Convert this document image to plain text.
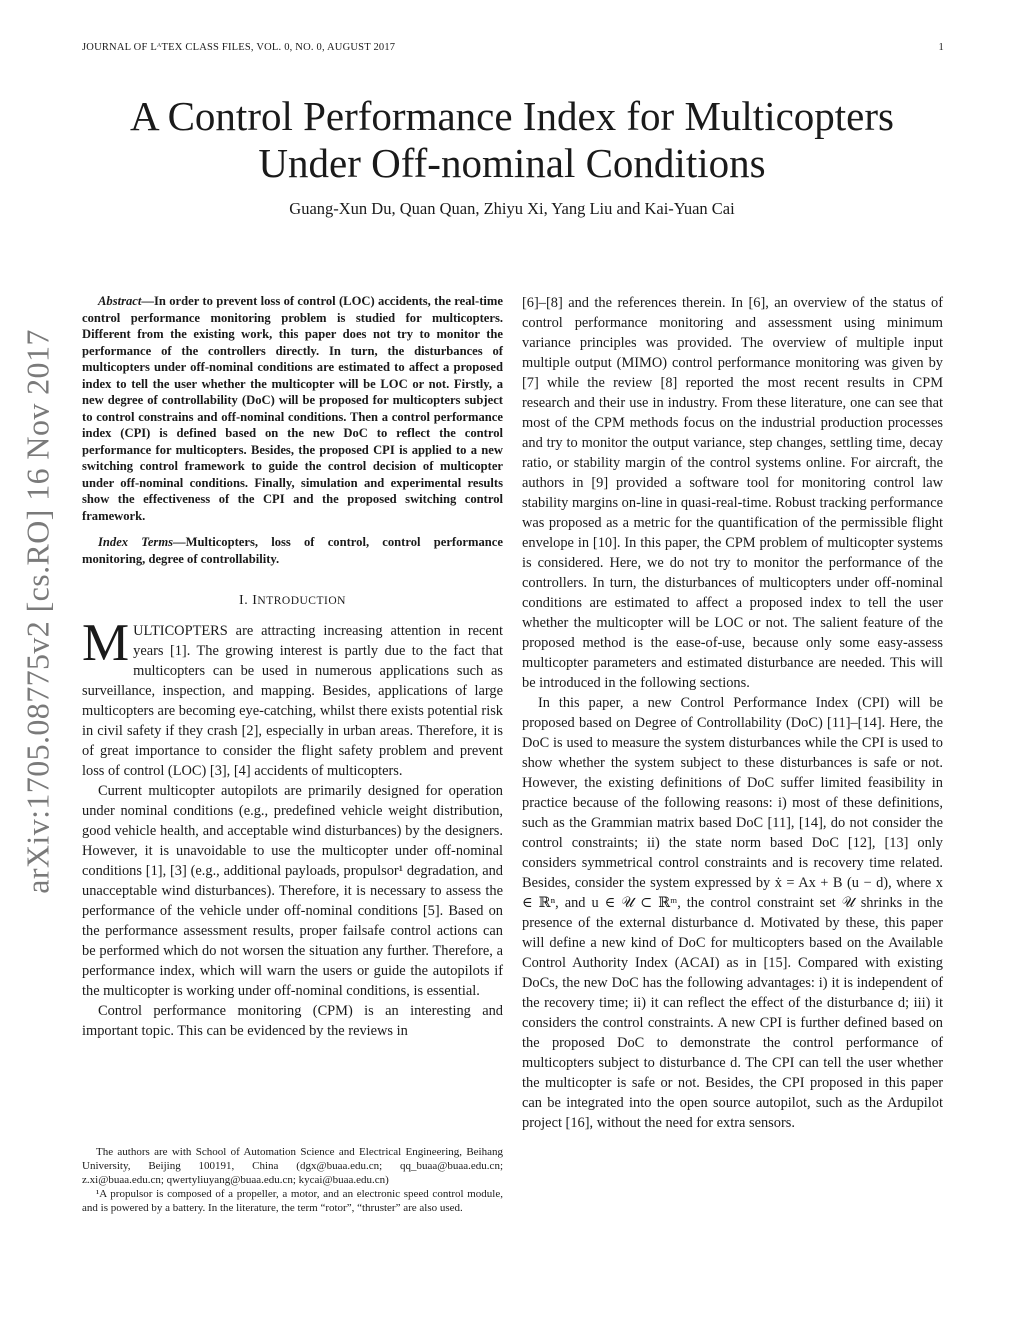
JOURNAL OF LᴬTEX CLASS FILES, VOL. 0, NO. 0, AUGUST 2017	1
A Control Performance Index for Multicopters
Under Off-nominal Conditions
Guang-Xun Du, Quan Quan, Zhiyu Xi, Yang Liu and Kai-Yuan Cai
arXiv:1705.08775v2 [cs.RO] 16 Nov 2017

Abstract—In order to prevent loss of control (LOC) accidents, the real-time control performance monitoring problem is studied for multicopters. Different from the existing work, this paper does not try to monitor the performance of the controllers directly. In turn, the disturbances of multicopters under off-nominal conditions are estimated to affect a proposed index to tell the user whether the multicopter will be LOC or not. Firstly, a new degree of controllability (DoC) will be proposed for multicopters subject to control constrains and off-nominal conditions. Then a control performance index (CPI) is defined based on the new DoC to reflect the control performance for multicopters. Besides, the proposed CPI is applied to a new switching control framework to guide the control decision of multicopter under off-nominal conditions. Finally, simulation and experimental results show the effectiveness of the CPI and the proposed switching control framework.

Index Terms—Multicopters, loss of control, control performance monitoring, degree of controllability.

I. INTRODUCTION

MULTICOPTERS are attracting increasing attention in recent years [1]. The growing interest is partly due to the fact that multicopters can be used in numerous applications such as surveillance, inspection, and mapping. Besides, applications of large multicopters are becoming eye-catching, whilst there exists potential risk in civil safety if they crash [2], especially in urban areas. Therefore, it is of great importance to consider the flight safety problem and prevent loss of control (LOC) [3], [4] accidents of multicopters.

Current multicopter autopilots are primarily designed for operation under nominal conditions (e.g., predefined vehicle weight distribution, good vehicle health, and acceptable wind disturbances) by the designers. However, it is unavoidable to use the multicopter under off-nominal conditions [1], [3] (e.g., additional payloads, propulsor¹ degradation, and unacceptable wind disturbances). Therefore, it is necessary to assess the performance of the vehicle under off-nominal conditions [5]. Based on the performance assessment results, proper failsafe control actions can be performed which do not worsen the situation any further. Therefore, a performance index, which will warn the users or guide the autopilots if the multicopter is working under off-nominal conditions, is essential.

Control performance monitoring (CPM) is an interesting and important topic. This can be evidenced by the reviews in

The authors are with School of Automation Science and Electrical Engineering, Beihang University, Beijing 100191, China (dgx@buaa.edu.cn; qq_buaa@buaa.edu.cn; z.xi@buaa.edu.cn; qwertyliuyang@buaa.edu.cn; kycai@buaa.edu.cn)

¹A propulsor is composed of a propeller, a motor, and an electronic speed control module, and is powered by a battery. In the literature, the term “rotor”, “thruster” are also used.

[6]–[8] and the references therein. In [6], an overview of the status of control performance monitoring and assessment using minimum variance principles was provided. The overview of multiple input multiple output (MIMO) control performance monitoring was given by [7] while the review [8] reported the most recent results in CPM research and their use in industry. From these literature, one can see that most of the CPM methods focus on the industrial production processes and try to monitor the output variance, step changes, settling time, decay ratio, or stability margin of the control systems online. For aircraft, the authors in [9] provided a software tool for monitoring control law stability margins on-line in quasi-real-time. Robust tracking performance was proposed as a metric for the quantification of the permissible flight envelope in [10]. In this paper, the CPM problem of multicopter systems is considered. Here, we do not try to monitor the performance of the controllers. In turn, the disturbances of multicopters under off-nominal conditions are estimated to affect a proposed index to tell the user whether the multicopter will be LOC or not. The salient feature of the proposed method is the ease-of-use, because only some easy-assess multicopter parameters and estimated disturbance are needed. This will be introduced in the following sections.

In this paper, a new Control Performance Index (CPI) will be proposed based on Degree of Controllability (DoC) [11]–[14]. Here, the DoC is used to measure the system disturbances while the CPI is used to show whether the system subject to these disturbances is safe or not. However, the existing definitions of DoC suffer limited feasibility in practice because of the following reasons: i) most of these definitions, such as the Grammian matrix based DoC [11], [14], do not consider the control constraints; ii) the state norm based DoC [12], [13] only considers symmetrical control constraints and is recovery time related. Besides, consider the system expressed by ẋ = Ax + B (u − d), where x ∈ ℝⁿ, and u ∈ 𝒰 ⊂ ℝᵐ, the control constraint set 𝒰 shrinks in the presence of the external disturbance d. Motivated by these, this paper will define a new kind of DoC for multicopters based on the Available Control Authority Index (ACAI) as in [15]. Compared with existing DoCs, the new DoC has the following advantages: i) it is independent of the recovery time; ii) it can reflect the effect of the disturbance d; iii) it considers the control constraints. A new CPI is further defined based on the proposed DoC to demonstrate the control performance of multicopters subject to disturbance d. The CPI can tell the user whether the multicopter is safe or not. Besides, the CPI proposed in this paper can be integrated into the open source autopilot, such as the Ardupilot project [16], without the need for extra sensors.
